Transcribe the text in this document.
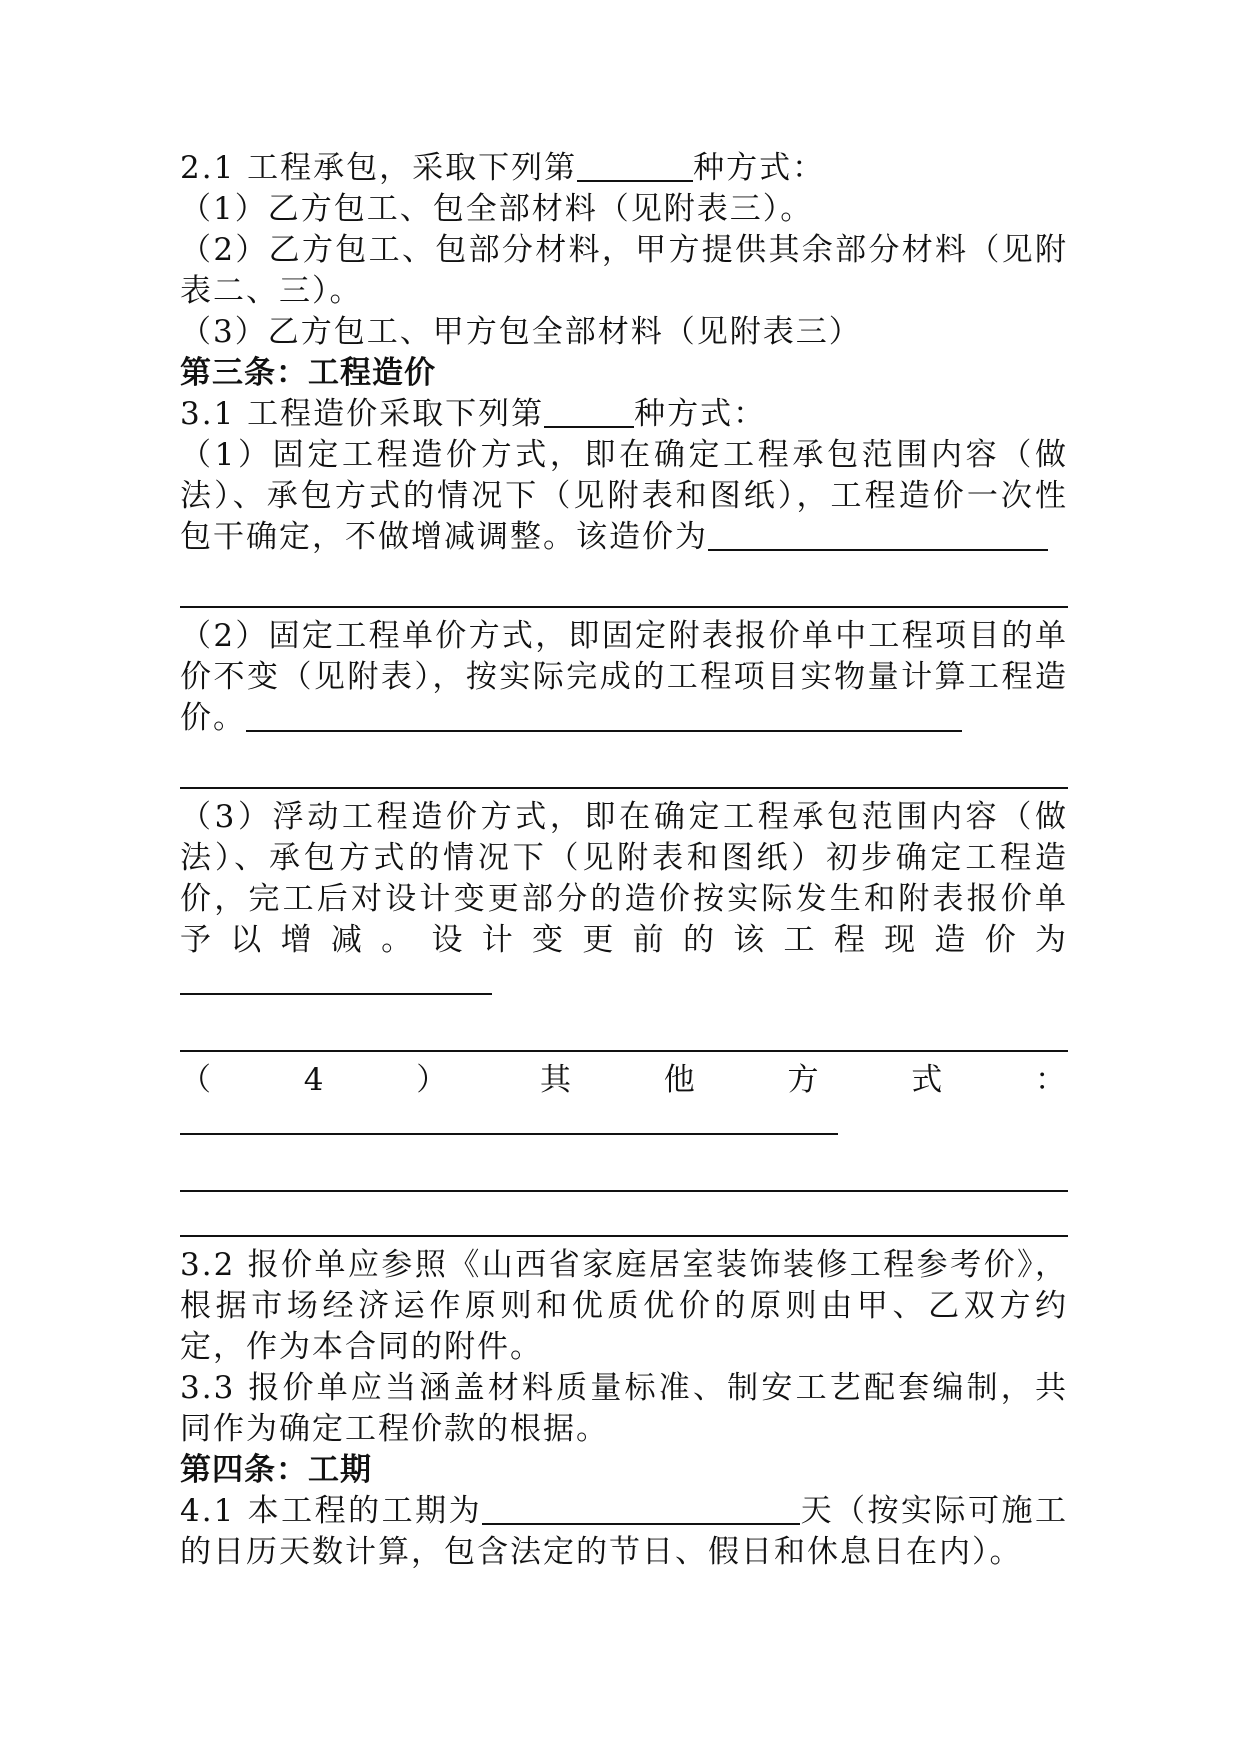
2.1 工程承包，采取下列第	种方式：

（1）乙方包工、包全部材料（见附表三）。

（2）乙方包工、包部分材料，甲方提供其余部分材料（见附表二、三）。

（3）乙方包工、甲方包全部材料（见附表三）

第三条：工程造价

3.1 工程造价采取下列第	种方式：

（1）固定工程造价方式，即在确定工程承包范围内容（做法）、承包方式的情况下（见附表和图纸），工程造价一次性包干确定，不做增减调整。该造价为

（2）固定工程单价方式，即固定附表报价单中工程项目的单价不变（见附表），按实际完成的工程项目实物量计算工程造价。

（3）浮动工程造价方式，即在确定工程承包范围内容（做法）、承包方式的情况下（见附表和图纸）初步确定工程造价，完工后对设计变更部分的造价按实际发生和附表报价单予以增减。设计变更前的该工程现造价为

（4）其他方式：

3.2 报价单应参照《山西省家庭居室装饰装修工程参考价》，根据市场经济运作原则和优质优价的原则由甲、乙双方约定，作为本合同的附件。

3.3 报价单应当涵盖材料质量标准、制安工艺配套编制，共同作为确定工程价款的根据。

第四条：工期

4.1 本工程的工期为	天（按实际可施工的日历天数计算，包含法定的节日、假日和休息日在内）。
